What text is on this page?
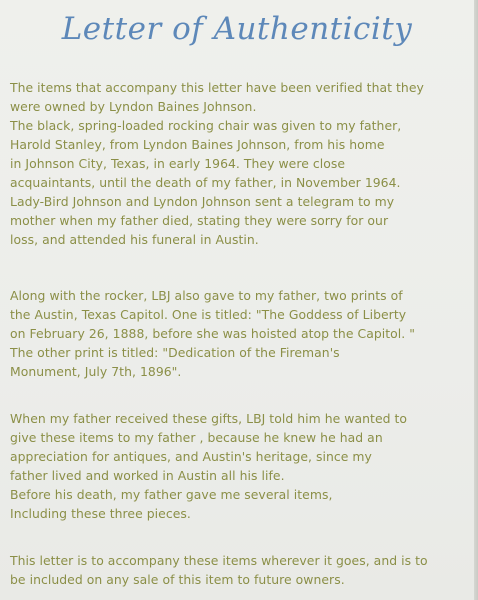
Letter of Authenticity
The items that accompany this letter have been verified that they
were owned by Lyndon Baines Johnson.
The black, spring-loaded rocking chair was given to my father,
Harold Stanley, from Lyndon Baines Johnson, from his home
in Johnson City, Texas, in early 1964. They were close
acquaintants, until the death of my father, in November 1964.
Lady-Bird Johnson and Lyndon Johnson sent a telegram to my
mother when my father died, stating they were sorry for our
loss, and attended his funeral in Austin.
Along with the rocker, LBJ also gave to my father, two prints of
the Austin, Texas Capitol. One is titled: "The Goddess of Liberty
on February 26, 1888, before she was hoisted atop the Capitol. "
The other print is titled: "Dedication of the Fireman's
Monument, July 7th, 1896".
When my father received these gifts, LBJ told him he wanted to
give these items to my father , because he knew he had an
appreciation for antiques, and Austin's heritage, since my
father lived and worked in Austin all his life.
Before his death, my father gave me several items,
Including these three pieces.
This letter is to accompany these items wherever it goes, and is to
be included on any sale of this item to future owners.
